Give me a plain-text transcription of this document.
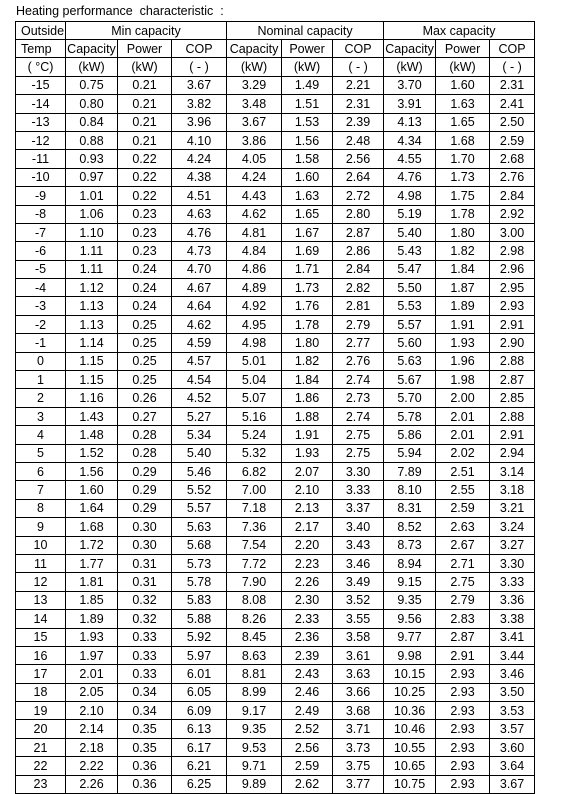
Heating performance  characteristic  :
Outside	Min capacity			Nominal capacity			Max capacity		
Temp	Capacity	Power	COP	Capacity	Power	COP	Capacity	Power	COP
( °C)	(kW)	(kW)	( - )	(kW)	(kW)	( - )	(kW)	(kW)	( - )
-15	0.75	0.21	3.67	3.29	1.49	2.21	3.70	1.60	2.31
-14	0.80	0.21	3.82	3.48	1.51	2.31	3.91	1.63	2.41
-13	0.84	0.21	3.96	3.67	1.53	2.39	4.13	1.65	2.50
-12	0.88	0.21	4.10	3.86	1.56	2.48	4.34	1.68	2.59
-11	0.93	0.22	4.24	4.05	1.58	2.56	4.55	1.70	2.68
-10	0.97	0.22	4.38	4.24	1.60	2.64	4.76	1.73	2.76
-9	1.01	0.22	4.51	4.43	1.63	2.72	4.98	1.75	2.84
-8	1.06	0.23	4.63	4.62	1.65	2.80	5.19	1.78	2.92
-7	1.10	0.23	4.76	4.81	1.67	2.87	5.40	1.80	3.00
-6	1.11	0.23	4.73	4.84	1.69	2.86	5.43	1.82	2.98
-5	1.11	0.24	4.70	4.86	1.71	2.84	5.47	1.84	2.96
-4	1.12	0.24	4.67	4.89	1.73	2.82	5.50	1.87	2.95
-3	1.13	0.24	4.64	4.92	1.76	2.81	5.53	1.89	2.93
-2	1.13	0.25	4.62	4.95	1.78	2.79	5.57	1.91	2.91
-1	1.14	0.25	4.59	4.98	1.80	2.77	5.60	1.93	2.90
0	1.15	0.25	4.57	5.01	1.82	2.76	5.63	1.96	2.88
1	1.15	0.25	4.54	5.04	1.84	2.74	5.67	1.98	2.87
2	1.16	0.26	4.52	5.07	1.86	2.73	5.70	2.00	2.85
3	1.43	0.27	5.27	5.16	1.88	2.74	5.78	2.01	2.88
4	1.48	0.28	5.34	5.24	1.91	2.75	5.86	2.01	2.91
5	1.52	0.28	5.40	5.32	1.93	2.75	5.94	2.02	2.94
6	1.56	0.29	5.46	6.82	2.07	3.30	7.89	2.51	3.14
7	1.60	0.29	5.52	7.00	2.10	3.33	8.10	2.55	3.18
8	1.64	0.29	5.57	7.18	2.13	3.37	8.31	2.59	3.21
9	1.68	0.30	5.63	7.36	2.17	3.40	8.52	2.63	3.24
10	1.72	0.30	5.68	7.54	2.20	3.43	8.73	2.67	3.27
11	1.77	0.31	5.73	7.72	2.23	3.46	8.94	2.71	3.30
12	1.81	0.31	5.78	7.90	2.26	3.49	9.15	2.75	3.33
13	1.85	0.32	5.83	8.08	2.30	3.52	9.35	2.79	3.36
14	1.89	0.32	5.88	8.26	2.33	3.55	9.56	2.83	3.38
15	1.93	0.33	5.92	8.45	2.36	3.58	9.77	2.87	3.41
16	1.97	0.33	5.97	8.63	2.39	3.61	9.98	2.91	3.44
17	2.01	0.33	6.01	8.81	2.43	3.63	10.15	2.93	3.46
18	2.05	0.34	6.05	8.99	2.46	3.66	10.25	2.93	3.50
19	2.10	0.34	6.09	9.17	2.49	3.68	10.36	2.93	3.53
20	2.14	0.35	6.13	9.35	2.52	3.71	10.46	2.93	3.57
21	2.18	0.35	6.17	9.53	2.56	3.73	10.55	2.93	3.60
22	2.22	0.36	6.21	9.71	2.59	3.75	10.65	2.93	3.64
23	2.26	0.36	6.25	9.89	2.62	3.77	10.75	2.93	3.67
